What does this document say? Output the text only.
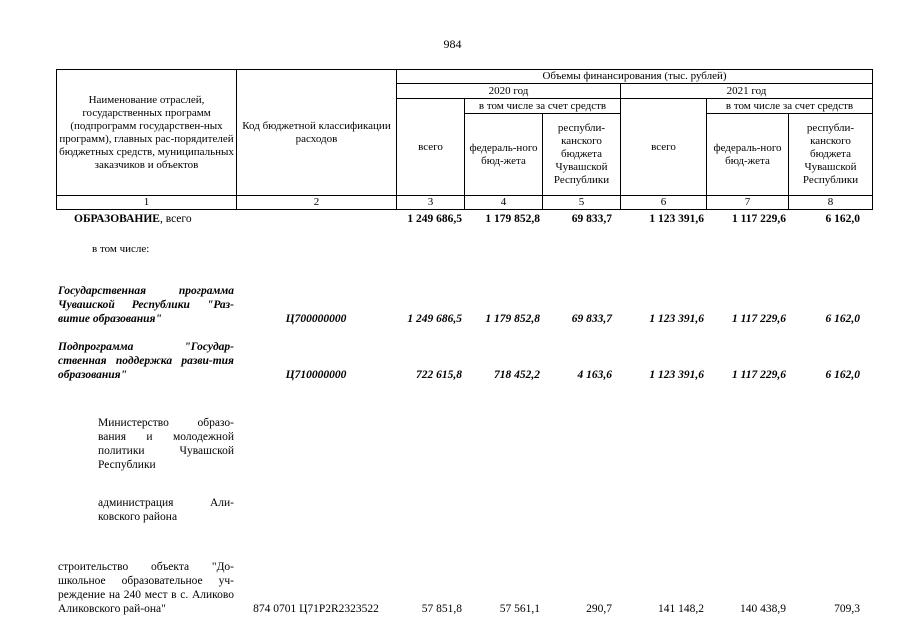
984
Наименование отраслей, государственных программ (подпрограмм государствен-ных программ), главных рас-порядителей бюджетных средств, муниципальных заказчиков и объектов	Код бюджетной классификации расходов	Объемы финансирования (тыс. рублей)					
		2020 год			2021 год		
		всего	в том числе за счет средств		всего	в том числе за счет средств	
			федераль-ного бюд-жета	республи-канского бюджета Чувашской Республики		федераль-ного бюд-жета	республи-канского бюджета Чувашской Республики
1	2	3	4	5	6	7	8
ОБРАЗОВАНИЕ, всего		1 249 686,5	1 179 852,8	69 833,7	1 123 391,6	1 117 229,6	6 162,0
в том числе:							
Государственная программа Чувашской Республики "Раз-витие образования"	Ц700000000	1 249 686,5	1 179 852,8	69 833,7	1 123 391,6	1 117 229,6	6 162,0
Подпрограмма "Государ-ственная поддержка разви-тия образования"	Ц710000000	722 615,8	718 452,2	4 163,6	1 123 391,6	1 117 229,6	6 162,0
Министерство образо-вания и молодежной политики Чувашской Республики							
администрация Али-ковского района							
строительство объекта "До-школьное образовательное уч-реждение на 240 мест в с. Аликово Аликовского рай-она"	874 0701 Ц71P2R2323522	57 851,8	57 561,1	290,7	141 148,2	140 438,9	709,3
